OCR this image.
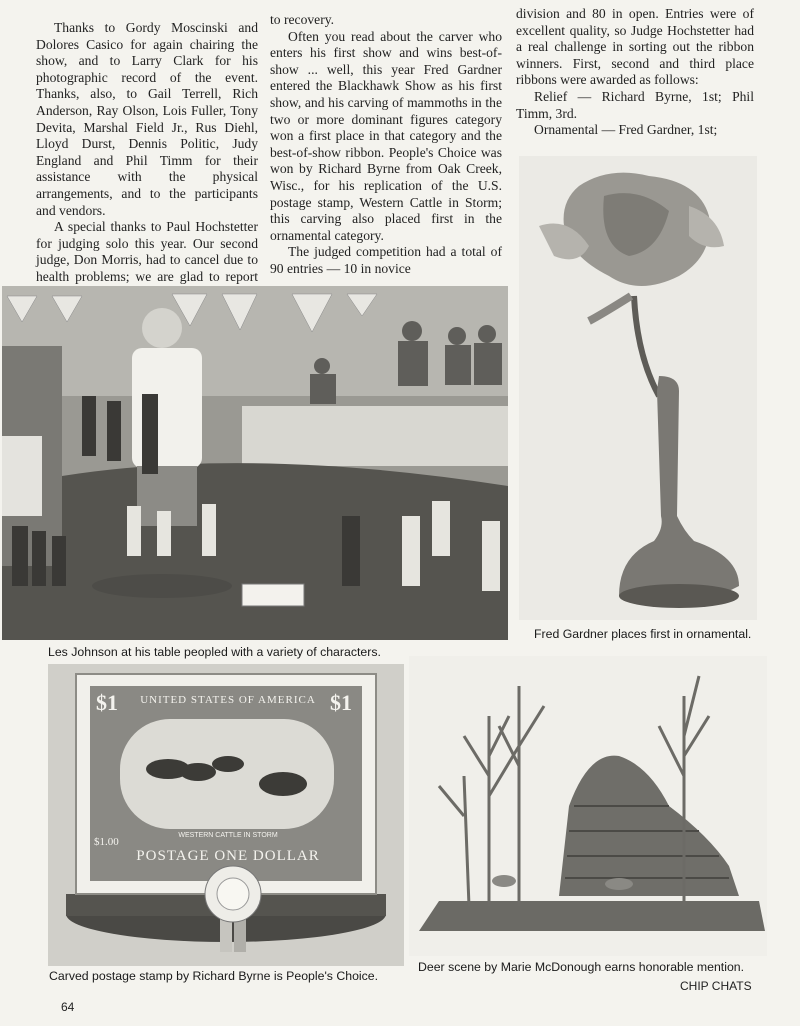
Thanks to Gordy Moscinski and Dolores Casico for again chairing the show, and to Larry Clark for his photographic record of the event. Thanks, also, to Gail Terrell, Rich Anderson, Ray Olson, Lois Fuller, Tony Devita, Marshal Field Jr., Rus Diehl, Lloyd Durst, Dennis Politic, Judy England and Phil Timm for their assistance with the physical arrangements, and to the participants and vendors.

A special thanks to Paul Hochstetter for judging solo this year. Our second judge, Don Morris, had to cancel due to health problems; we are glad to report

to recovery.

Often you read about the carver who enters his first show and wins best-of-show ... well, this year Fred Gardner entered the Blackhawk Show as his first show, and his carving of mammoths in the two or more dominant figures category won a first place in that category and the best-of-show ribbon. People's Choice was won by Richard Byrne from Oak Creek, Wisc., for his replication of the U.S. postage stamp, Western Cattle in Storm; this carving also placed first in the ornamental category.

The judged competition had a total of 90 entries — 10 in novice

division and 80 in open. Entries were of excellent quality, so Judge Hochstetter had a real challenge in sorting out the ribbon winners. First, second and third place ribbons were awarded as follows:

Relief — Richard Byrne, 1st; Phil Timm, 3rd.

Ornamental — Fred Gardner, 1st;

UNITED STATES OF AMERICA
$1	$1
WESTERN CATTLE IN STORM
POSTAGE ONE DOLLAR
$1.00
Les Johnson at his table peopled with a variety of characters.
Fred Gardner places first in ornamental.
Carved postage stamp by Richard Byrne is People's Choice.
Deer scene by Marie McDonough earns honorable mention.
CHIP CHATS
64
